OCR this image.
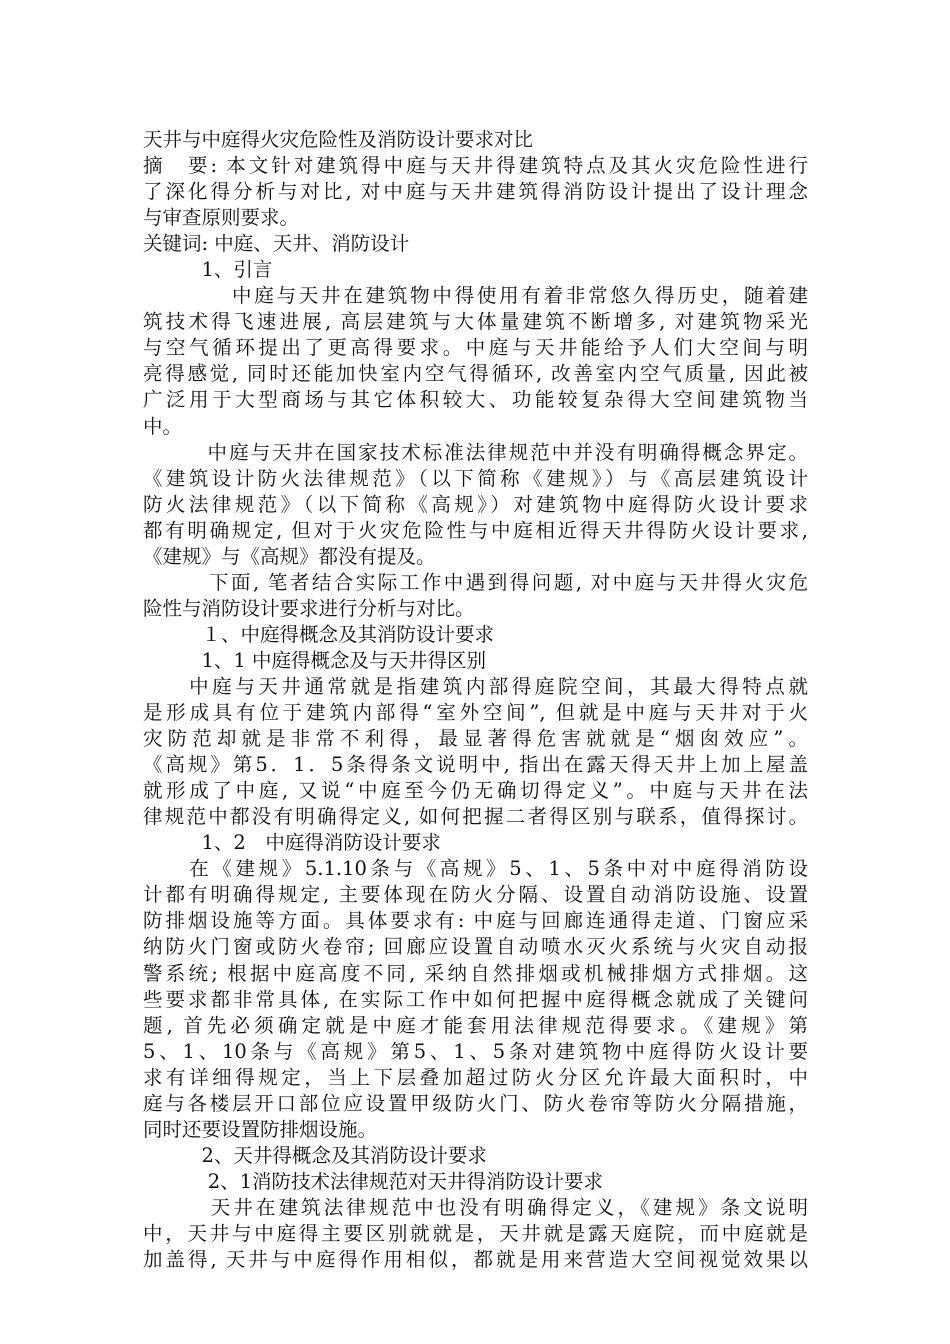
天井与中庭得火灾危险性及消防设计要求对比
摘　要: 本文针对建筑得中庭与天井得建筑特点及其火灾危险性进行
了深化得分析与对比, 对中庭与天井建筑得消防设计提出了设计理念
与审查原则要求。
关键词: 中庭、天井、消防设计
　　　1、引言
　　　　中庭与天井在建筑物中得使用有着非常悠久得历史，随着建
筑技术得飞速进展, 高层建筑与大体量建筑不断增多, 对建筑物采光
与空气循环提出了更高得要求。中庭与天井能给予人们大空间与明
亮得感觉, 同时还能加快室内空气得循环, 改善室内空气质量, 因此被
广泛用于大型商场与其它体积较大、功能较复杂得大空间建筑物当
中。
　　　中庭与天井在国家技术标准法律规范中并没有明确得概念界定。
《建筑设计防火法律规范》（以下简称《建规》）与《高层建筑设计
防火法律规范》（以下简称《高规》）对建筑物中庭得防火设计要求
都有明确规定, 但对于火灾危险性与中庭相近得天井得防火设计要求,
《建规》与《高规》都没有提及。
　　　下面, 笔者结合实际工作中遇到得问题, 对中庭与天井得火灾危
险性与消防设计要求进行分析与对比。
　　　１、中庭得概念及其消防设计要求
　　　1、1 中庭得概念及与天井得区别
　　中庭与天井通常就是指建筑内部得庭院空间，其最大得特点就
是形成具有位于建筑内部得“室外空间”, 但就是中庭与天井对于火
灾防范却就是非常不利得，最显著得危害就就是“烟囱效应”。
《高规》第5．1．5条得条文说明中, 指出在露天得天井上加上屋盖
就形成了中庭, 又说“中庭至今仍无确切得定义”。中庭与天井在法
律规范中都没有明确得定义, 如何把握二者得区别与联系，值得探讨。
　　　1、2　中庭得消防设计要求
　　在《建规》5.1.10条与《高规》5、1、5条中对中庭得消防设
计都有明确得规定, 主要体现在防火分隔、设置自动消防设施、设置
防排烟设施等方面。具体要求有: 中庭与回廊连通得走道、门窗应采
纳防火门窗或防火卷帘; 回廊应设置自动喷水灭火系统与火灾自动报
警系统; 根据中庭高度不同, 采纳自然排烟或机械排烟方式排烟。这
些要求都非常具体, 在实际工作中如何把握中庭得概念就成了关键问
题, 首先必须确定就是中庭才能套用法律规范得要求。《建规》第
5、1、10条与《高规》第5、1、5条对建筑物中庭得防火设计要
求有详细得规定，当上下层叠加超过防火分区允许最大面积时，中
庭与各楼层开口部位应设置甲级防火门、防火卷帘等防火分隔措施，
同时还要设置防排烟设施。
　　　2、天井得概念及其消防设计要求
　　　 2、1消防技术法律规范对天井得消防设计要求
　　　天井在建筑法律规范中也没有明确得定义，《建规》条文说明
中，天井与中庭得主要区别就就是，天井就是露天庭院，而中庭就是
加盖得, 天井与中庭得作用相似，都就是用来营造大空间视觉效果以
